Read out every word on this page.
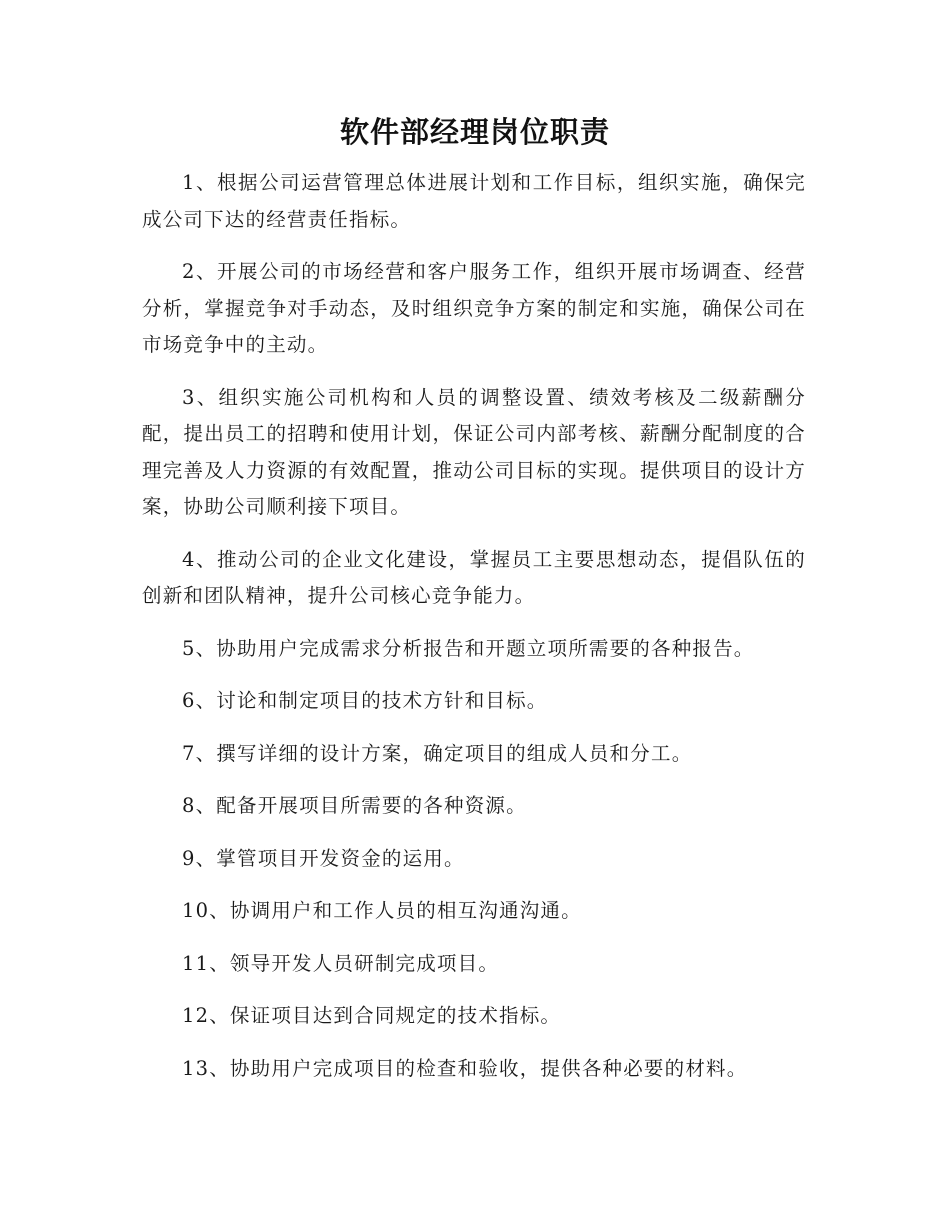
软件部经理岗位职责

1、根据公司运营管理总体进展计划和工作目标，组织实施，确保完成公司下达的经营责任指标。

2、开展公司的市场经营和客户服务工作，组织开展市场调查、经营分析，掌握竞争对手动态，及时组织竞争方案的制定和实施，确保公司在市场竞争中的主动。

3、组织实施公司机构和人员的调整设置、绩效考核及二级薪酬分配，提出员工的招聘和使用计划，保证公司内部考核、薪酬分配制度的合理完善及人力资源的有效配置，推动公司目标的实现。提供项目的设计方案，协助公司顺利接下项目。

4、推动公司的企业文化建设，掌握员工主要思想动态，提倡队伍的创新和团队精神，提升公司核心竞争能力。

5、协助用户完成需求分析报告和开题立项所需要的各种报告。

6、讨论和制定项目的技术方针和目标。

7、撰写详细的设计方案，确定项目的组成人员和分工。

8、配备开展项目所需要的各种资源。

9、掌管项目开发资金的运用。

10、协调用户和工作人员的相互沟通沟通。

11、领导开发人员研制完成项目。

12、保证项目达到合同规定的技术指标。

13、协助用户完成项目的检查和验收，提供各种必要的材料。
